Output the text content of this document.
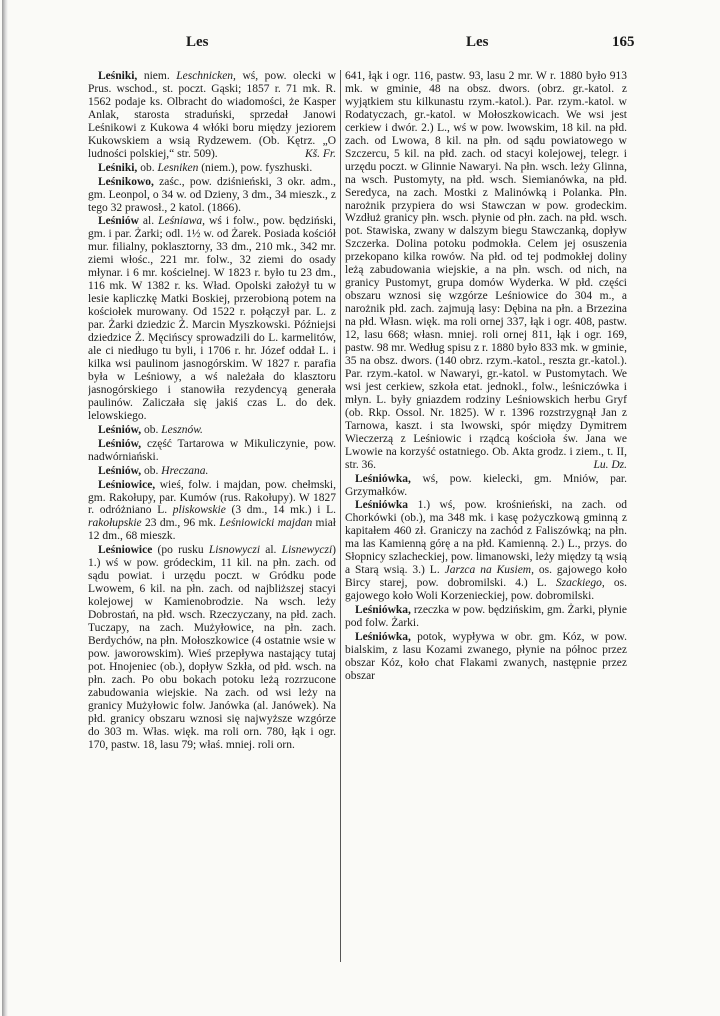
Les	Les	165

Leśniki, niem. Leschnicken, wś, pow. olecki w Prus. wschod., st. poczt. Gąski; 1857 r. 71 mk. R. 1562 podaje ks. Olbracht do wiadomości, że Kasper Anlak, starosta straduński, sprzedał Janowi Leśnikowi z Kukowa 4 włóki boru między jeziorem Kukowskiem a wsią Rydzewem. (Ob. Kętrz. „O ludności polskiej,“ str. 509).	Kš. Fr.

Leśniki, ob. Lesniken (niem.), pow. fyszhuski.

Leśnikowo, zaśc., pow. dziśnieński, 3 okr. adm., gm. Leonpol, o 34 w. od Dzieny, 3 dm., 34 mieszk., z tego 32 prawosł., 2 katol. (1866).

Leśniów al. Leśniawa, wś i folw., pow. będziński, gm. i par. Żarki; odl. 1½ w. od Żarek. Posiada kościół mur. filialny, poklasztorny, 33 dm., 210 mk., 342 mr. ziemi włośc., 221 mr. folw., 32 ziemi do osady młynar. i 6 mr. kościelnej. W 1823 r. było tu 23 dm., 116 mk. W 1382 r. ks. Wład. Opolski założył tu w lesie kapliczkę Matki Boskiej, przerobioną potem na kościołek murowany. Od 1522 r. połączył par. L. z par. Żarki dziedzic Ż. Marcin Myszkowski. Późniejsi dziedzice Ż. Męcińscy sprowadzili do L. karmelitów, ale ci niedługo tu byli, i 1706 r. hr. Józef oddał L. i kilka wsi paulinom jasnogórskim. W 1827 r. parafia była w Leśniowy, a wś należała do klasztoru jasnogórskiego i stanowiła rezydencyą generała paulinów. Zaliczała się jakiś czas L. do dek. lelowskiego.

Leśniów, ob. Lesznów.

Leśniów, część Tartarowa w Mikuliczynie, pow. nadwórniański.

Leśniów, ob. Hreczana.

Leśniowice, wieś, folw. i majdan, pow. chełmski, gm. Rakołupy, par. Kumów (rus. Rakołupy). W 1827 r. odróżniano L. pliskowskie (3 dm., 14 mk.) i L. rakołupskie 23 dm., 96 mk. Leśniowicki majdan miał 12 dm., 68 mieszk.

Leśniowice (po rusku Lisnowyczi al. Lisnewyczi) 1.) wś w pow. gródeckim, 11 kil. na płn. zach. od sądu powiat. i urzędu poczt. w Gródku pode Lwowem, 6 kil. na płn. zach. od najbliższej stacyi kolejowej w Kamienobrodzie. Na wsch. leży Dobrostań, na płd. wsch. Rzeczyczany, na płd. zach. Tuczapy, na zach. Mużyłowice, na płn. zach. Berdychów, na płn. Mołoszkowice (4 ostatnie wsie w pow. jaworowskim). Wieś przepływa nastający tutaj pot. Hnojeniec (ob.), dopływ Szkła, od płd. wsch. na płn. zach. Po obu bokach potoku leżą rozrzucone zabudowania wiejskie. Na zach. od wsi leży na granicy Mużyłowic folw. Janówka (al. Janówek). Na płd. granicy obszaru wznosi się najwyższe wzgórze do 303 m. Włas. więk. ma roli orn. 780, łąk i ogr. 170, pastw. 18, lasu 79; właś. mniej. roli orn.

641, łąk i ogr. 116, pastw. 93, lasu 2 mr. W r. 1880 było 913 mk. w gminie, 48 na obsz. dwors. (obrz. gr.-katol. z wyjątkiem stu kilkunastu rzym.-katol.). Par. rzym.-katol. w Rodatyczach, gr.-katol. w Mołoszkowicach. We wsi jest cerkiew i dwór. 2.) L., wś w pow. lwowskim, 18 kil. na płd. zach. od Lwowa, 8 kil. na płn. od sądu powiatowego w Szczercu, 5 kil. na płd. zach. od stacyi kolejowej, telegr. i urzędu poczt. w Glinnie Nawaryi. Na płn. wsch. leży Glinna, na wsch. Pustomyty, na płd. wsch. Siemianówka, na płd. Seredyca, na zach. Mostki z Malinówką i Polanka. Płn. narożnik przypiera do wsi Stawczan w pow. grodeckim. Wzdłuż granicy płn. wsch. płynie od płn. zach. na płd. wsch. pot. Stawiska, zwany w dalszym biegu Stawczanką, dopływ Szczerka. Dolina potoku podmokła. Celem jej osuszenia przekopano kilka rowów. Na płd. od tej podmokłej doliny leżą zabudowania wiejskie, a na płn. wsch. od nich, na granicy Pustomyt, grupa domów Wyderka. W płd. części obszaru wznosi się wzgórze Leśniowice do 304 m., a narożnik płd. zach. zajmują lasy: Dębina na płn. a Brzezina na płd. Własn. więk. ma roli ornej 337, łąk i ogr. 408, pastw. 12, lasu 668; własn. mniej. roli ornej 811, łąk i ogr. 169, pastw. 98 mr. Według spisu z r. 1880 było 833 mk. w gminie, 35 na obsz. dwors. (140 obrz. rzym.-katol., reszta gr.-katol.). Par. rzym.-katol. w Nawaryi, gr.-katol. w Pustomytach. We wsi jest cerkiew, szkoła etat. jednokl., folw., leśniczówka i młyn. L. były gniazdem rodziny Leśniowskich herbu Gryf (ob. Rkp. Ossol. Nr. 1825). W r. 1396 rozstrzygnął Jan z Tarnowa, kaszt. i sta lwowski, spór między Dymitrem Wieczerzą z Leśniowic i rządcą kościoła św. Jana we Lwowie na korzyść ostatniego. Ob. Akta grodz. i ziem., t. II, str. 36.	Lu. Dz.

Leśniówka, wś, pow. kielecki, gm. Mniów, par. Grzymałków.

Leśniówka 1.) wś, pow. krośnieński, na zach. od Chorkówki (ob.), ma 348 mk. i kasę pożyczkową gminną z kapitałem 460 zł. Graniczy na zachód z Faliszówką; na płn. ma las Kamienną górę a na płd. Kamienną. 2.) L., przys. do Słopnicy szlacheckiej, pow. limanowski, leży między tą wsią a Starą wsią. 3.) L. Jarzca na Kusiem, os. gajowego koło Bircy starej, pow. dobromilski. 4.) L. Szackiego, os. gajowego koło Woli Korzenieckiej, pow. dobromilski.

Leśniówka, rzeczka w pow. będzińskim, gm. Żarki, płynie pod folw. Żarki.

Leśniówka, potok, wypływa w obr. gm. Kóz, w pow. bialskim, z lasu Kozami zwanego, płynie na północ przez obszar Kóz, koło chat Flakami zwanych, następnie przez obszar
